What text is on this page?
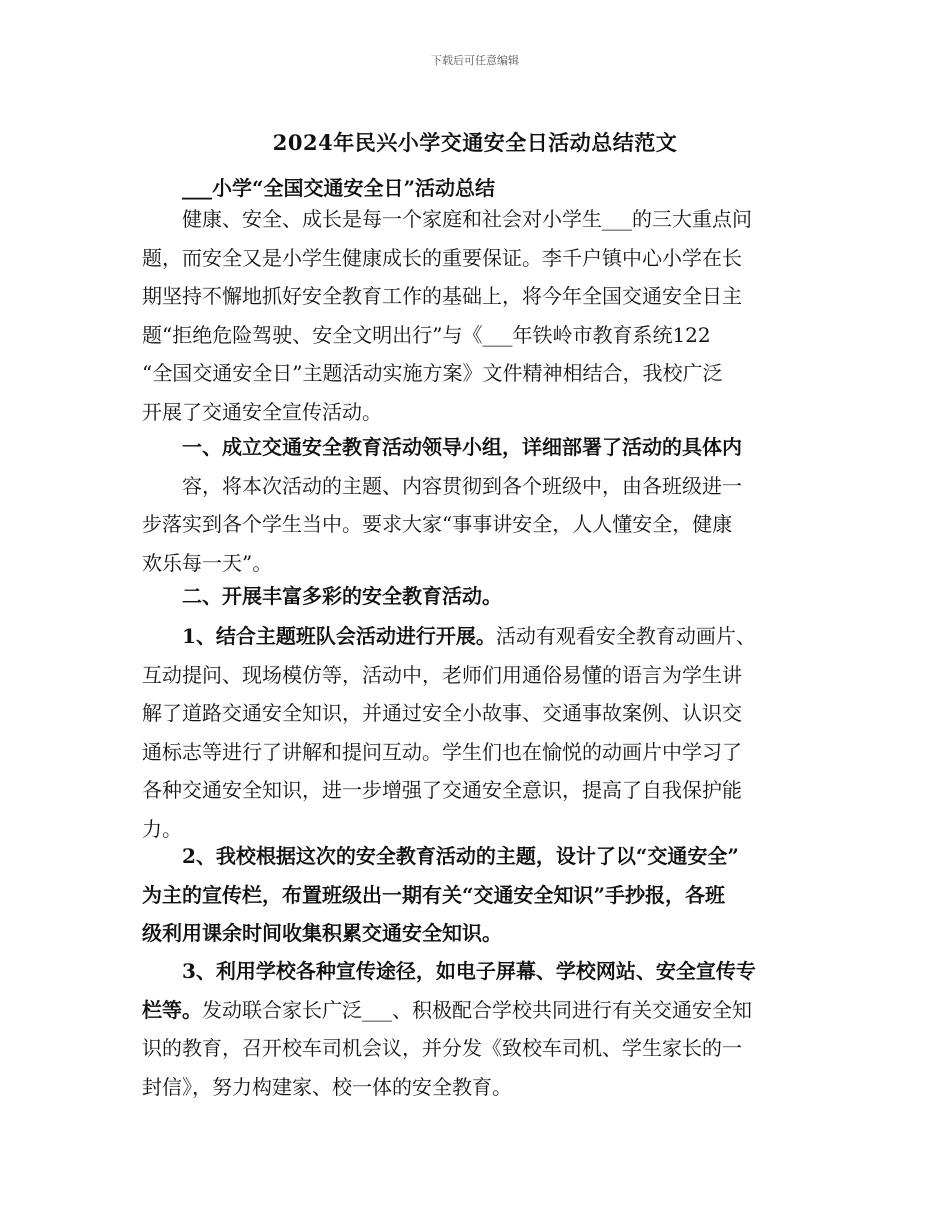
下载后可任意编辑
2024年民兴小学交通安全日活动总结范文
___小学“全国交通安全日”活动总结
健康、安全、成长是每一个家庭和社会对小学生___的三大重点问
题，而安全又是小学生健康成长的重要保证。李千户镇中心小学在长
期坚持不懈地抓好安全教育工作的基础上，将今年全国交通安全日主
题“拒绝危险驾驶、安全文明出行”与《___年铁岭市教育系统122
“全国交通安全日”主题活动实施方案》文件精神相结合，我校广泛
开展了交通安全宣传活动。
一、成立交通安全教育活动领导小组，详细部署了活动的具体内
容，将本次活动的主题、内容贯彻到各个班级中，由各班级进一
步落实到各个学生当中。要求大家“事事讲安全，人人懂安全，健康
欢乐每一天”。
二、开展丰富多彩的安全教育活动。
1、结合主题班队会活动进行开展。活动有观看安全教育动画片、
互动提问、现场模仿等，活动中，老师们用通俗易懂的语言为学生讲
解了道路交通安全知识，并通过安全小故事、交通事故案例、认识交
通标志等进行了讲解和提问互动。学生们也在愉悦的动画片中学习了
各种交通安全知识，进一步增强了交通安全意识，提高了自我保护能
力。
2、我校根据这次的安全教育活动的主题，设计了以“交通安全”
为主的宣传栏，布置班级出一期有关“交通安全知识”手抄报，各班
级利用课余时间收集积累交通安全知识。
3、利用学校各种宣传途径，如电子屏幕、学校网站、安全宣传专
栏等。发动联合家长广泛___、积极配合学校共同进行有关交通安全知
识的教育，召开校车司机会议，并分发《致校车司机、学生家长的一
封信》，努力构建家、校一体的安全教育。
